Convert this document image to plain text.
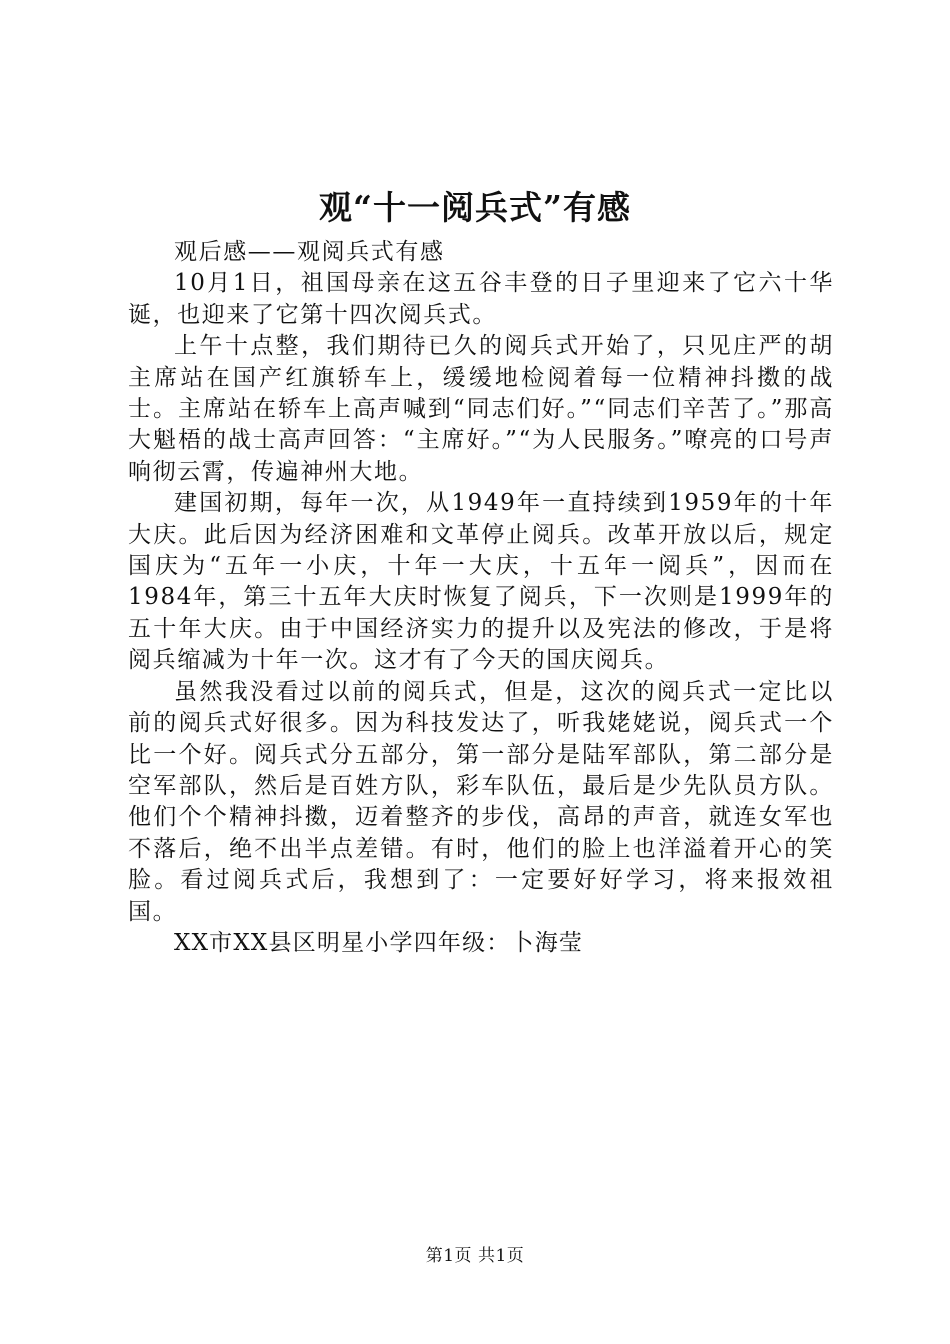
观“十一阅兵式”有感

观后感——观阅兵式有感

10月1日，祖国母亲在这五谷丰登的日子里迎来了它六十华诞，也迎来了它第十四次阅兵式。

上午十点整，我们期待已久的阅兵式开始了，只见庄严的胡主席站在国产红旗轿车上，缓缓地检阅着每一位精神抖擞的战士。主席站在轿车上高声喊到“同志们好。”“同志们辛苦了。”那高大魁梧的战士高声回答：“主席好。”“为人民服务。”嘹亮的口号声响彻云霄，传遍神州大地。

建国初期，每年一次，从1949年一直持续到1959年的十年大庆。此后因为经济困难和文革停止阅兵。改革开放以后，规定国庆为“五年一小庆，十年一大庆，十五年一阅兵”，因而在1984年，第三十五年大庆时恢复了阅兵，下一次则是1999年的五十年大庆。由于中国经济实力的提升以及宪法的修改，于是将阅兵缩减为十年一次。这才有了今天的国庆阅兵。

虽然我没看过以前的阅兵式，但是，这次的阅兵式一定比以前的阅兵式好很多。因为科技发达了，听我姥姥说，阅兵式一个比一个好。阅兵式分五部分，第一部分是陆军部队，第二部分是空军部队，然后是百姓方队，彩车队伍，最后是少先队员方队。他们个个精神抖擞，迈着整齐的步伐，高昂的声音，就连女军也不落后，绝不出半点差错。有时，他们的脸上也洋溢着开心的笑脸。看过阅兵式后，我想到了：一定要好好学习，将来报效祖国。

XX市XX县区明星小学四年级：卜海莹

第1页 共1页
